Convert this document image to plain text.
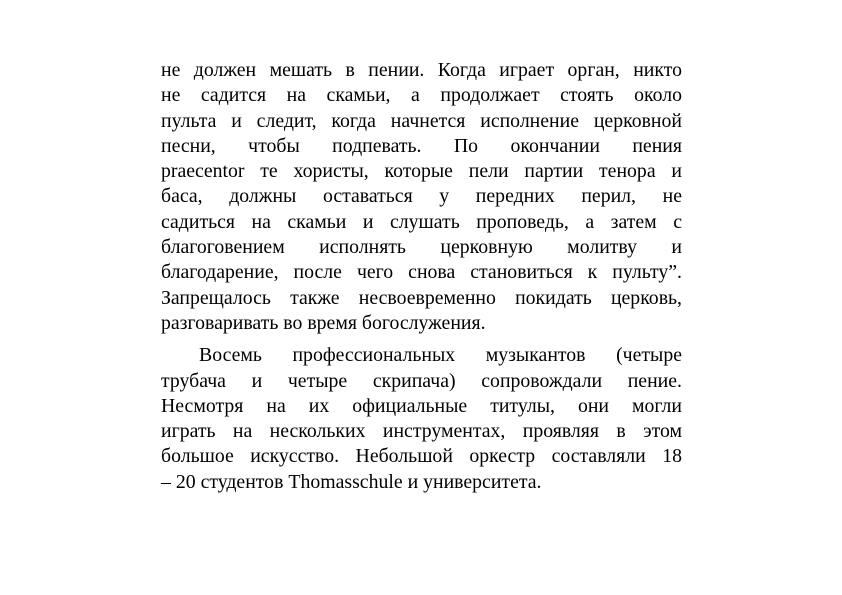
не должен мешать в пении. Когда играет орган, никто
не садится на скамьи, а продолжает стоять около
пульта и следит, когда начнется исполнение церковной
песни, чтобы подпевать. По окончании пения
praecentor те хористы, которые пели партии тенора и
баса, должны оставаться у передних перил, не
садиться на скамьи и слушать проповедь, а затем с
благоговением исполнять церковную молитву и
благодарение, после чего снова становиться к пульту”.
Запрещалось также несвоевременно покидать церковь,
разговаривать во время богослужения.
Восемь профессиональных музыкантов (четыре
трубача и четыре скрипача) сопровождали пение.
Несмотря на их официальные титулы, они могли
играть на нескольких инструментах, проявляя в этом
большое искусство. Небольшой оркестр составляли 18
– 20 студентов Thomasschule и университета.
